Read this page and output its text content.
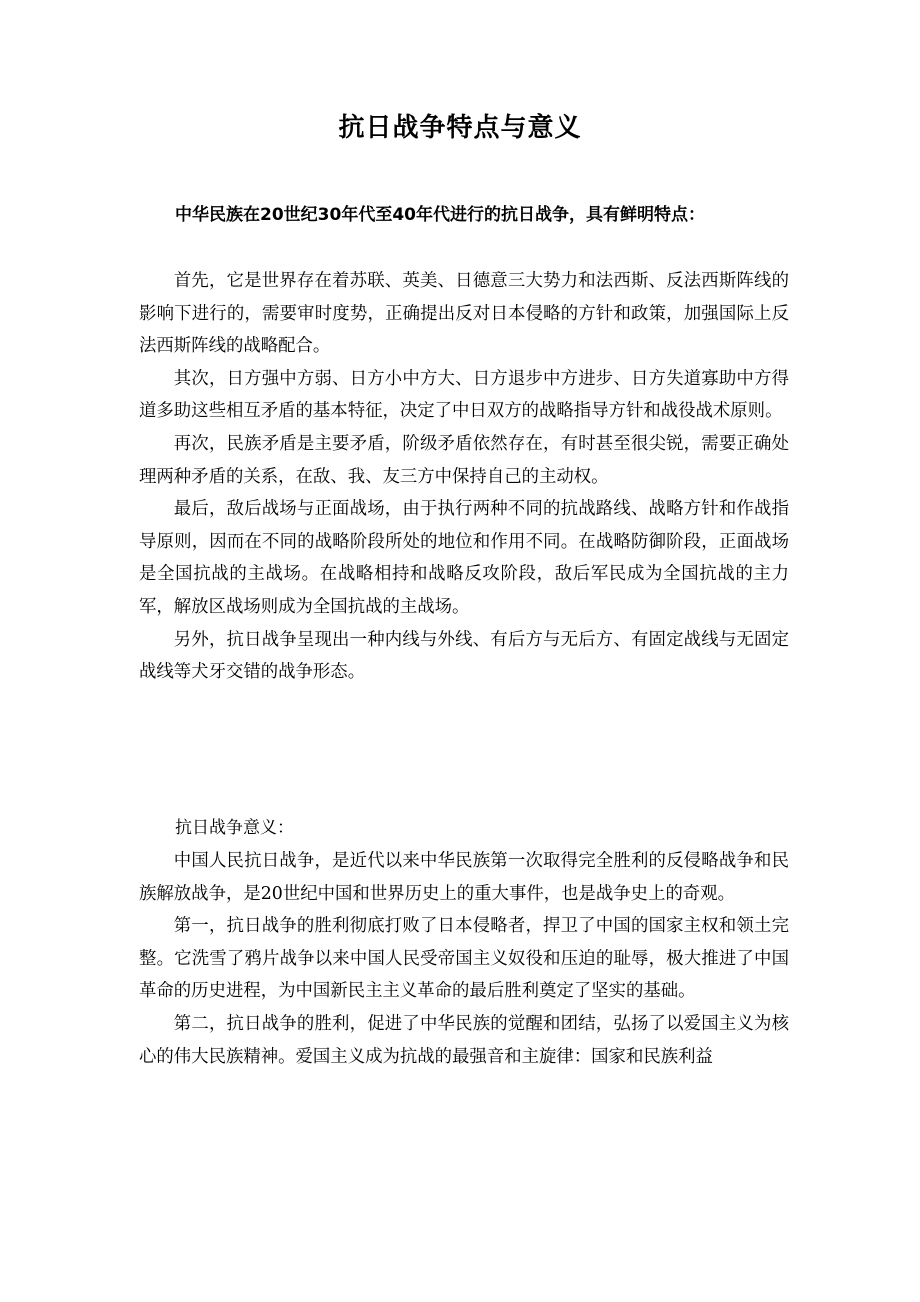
抗日战争特点与意义

中华民族在20世纪30年代至40年代进行的抗日战争，具有鲜明特点：

首先，它是世界存在着苏联、英美、日德意三大势力和法西斯、反法西斯阵线的影响下进行的，需要审时度势，正确提出反对日本侵略的方针和政策，加强国际上反法西斯阵线的战略配合。

其次，日方强中方弱、日方小中方大、日方退步中方进步、日方失道寡助中方得道多助这些相互矛盾的基本特征，决定了中日双方的战略指导方针和战役战术原则。

再次，民族矛盾是主要矛盾，阶级矛盾依然存在，有时甚至很尖锐，需要正确处理两种矛盾的关系，在敌、我、友三方中保持自己的主动权。

最后，敌后战场与正面战场，由于执行两种不同的抗战路线、战略方针和作战指导原则，因而在不同的战略阶段所处的地位和作用不同。在战略防御阶段，正面战场是全国抗战的主战场。在战略相持和战略反攻阶段，敌后军民成为全国抗战的主力军，解放区战场则成为全国抗战的主战场。

另外，抗日战争呈现出一种内线与外线、有后方与无后方、有固定战线与无固定战线等犬牙交错的战争形态。

抗日战争意义：

中国人民抗日战争，是近代以来中华民族第一次取得完全胜利的反侵略战争和民族解放战争，是20世纪中国和世界历史上的重大事件，也是战争史上的奇观。

第一，抗日战争的胜利彻底打败了日本侵略者，捍卫了中国的国家主权和领土完整。它洗雪了鸦片战争以来中国人民受帝国主义奴役和压迫的耻辱，极大推进了中国革命的历史进程，为中国新民主主义革命的最后胜利奠定了坚实的基础。

第二，抗日战争的胜利，促进了中华民族的觉醒和团结，弘扬了以爱国主义为核心的伟大民族精神。爱国主义成为抗战的最强音和主旋律：国家和民族利益
